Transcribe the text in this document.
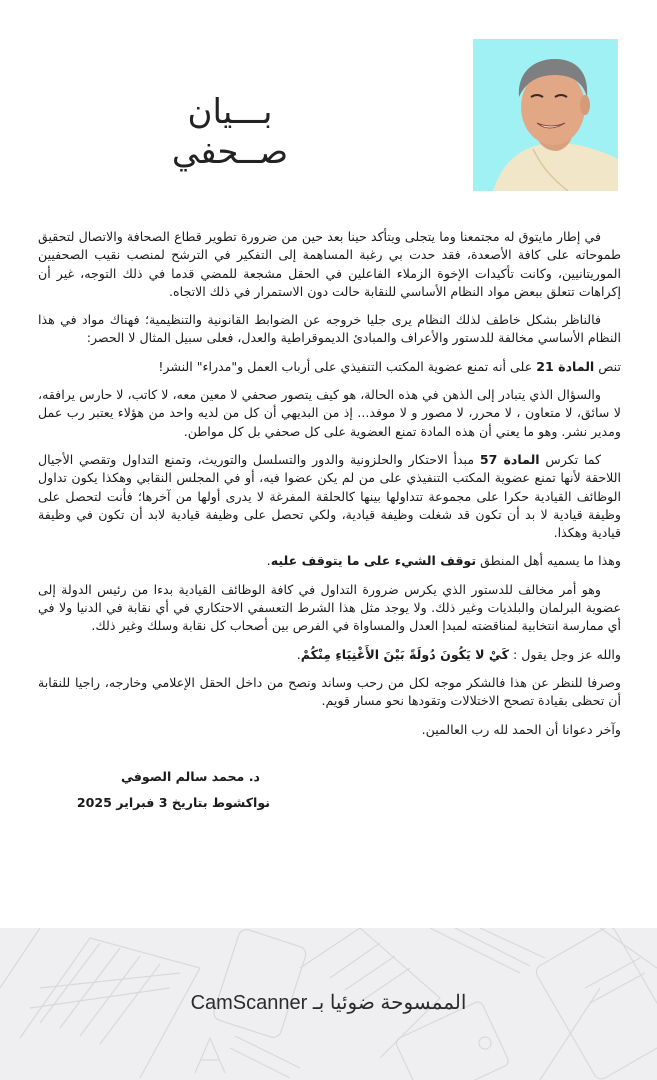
بـــيان صــحفي

في إطار مايتوق له مجتمعنا وما يتجلى ويتأكد حينا بعد حين من ضرورة تطوير قطاع الصحافة والاتصال لتحقيق طموحاته على كافة الأصعدة، فقد حدت بي رغبة المساهمة إلى التفكير في الترشح لمنصب نقيب الصحفيين الموريتانيين، وكانت تأكيدات الإخوة الزملاء الفاعلين في الحقل مشجعة للمضي قدما في ذلك التوجه، غير أن إكراهات تتعلق ببعض مواد النظام الأساسي للنقابة حالت دون الاستمرار في ذلك الاتجاه.

فالناظر بشكل خاطف لذلك النظام يرى جليا خروجه عن الضوابط القانونية والتنظيمية؛ فهناك مواد في هذا النظام الأساسي مخالفة للدستور والأعراف والمبادئ الديموقراطية والعدل، فعلى سبيل المثال لا الحصر:

تنص المادة 21 على أنه تمنع عضوية المكتب التنفيذي على أرباب العمل و"مدراء" النشر!

والسؤال الذي يتبادر إلى الذهن في هذه الحالة، هو كيف يتصور صحفي لا معين معه، لا كاتب، لا حارس يرافقه، لا سائق، لا متعاون ، لا محرر، لا مصور و لا موفد... إذ من البديهي أن كل من لديه واحد من هؤلاء يعتبر رب عمل ومدير نشر. وهو ما يعني أن هذه المادة تمنع العضوية على كل صحفي بل كل مواطن.

كما تكرس المادة 57 مبدأ الاحتكار والحلزونية والدور والتسلسل والتوريث، وتمنع التداول وتقصي الأجيال اللاحقة لأنها تمنع عضوية المكتب التنفيذي على من لم يكن عضوا فيه، أو في المجلس النقابي وهكذا يكون تداول الوظائف القيادية حكرا على مجموعة تتداولها بينها كالحلقة المفرغة لا يدرى أولها من آخرها؛ فأنت لتحصل على وظيفة قيادية لا بد أن تكون قد شغلت وظيفة قيادية، ولكي تحصل على وظيفة قيادية لابد أن تكون في وظيفة قيادية وهكذا.

وهذا ما يسميه أهل المنطق توقف الشيء على ما يتوقف عليه.

وهو أمر مخالف للدستور الذي يكرس ضرورة التداول في كافة الوظائف القيادية بدءا من رئيس الدولة إلى عضوية البرلمان والبلديات وغير ذلك. ولا يوجد مثل هذا الشرط التعسفي الاحتكاري في أي نقابة في الدنيا ولا في أي ممارسة انتخابية لمناقضته لمبدإ العدل والمساواة في الفرص بين أصحاب كل نقابة وسلك وغير ذلك.

والله عز وجل يقول : كَيْ لا يَكُونَ دُولَةً بَيْنَ الأَغْنِيَاءِ مِنْكُمْ.

وصرفا للنظر عن هذا فالشكر موجه لكل من رحب وساند ونصح من داخل الحقل الإعلامي وخارجه، راجيا للنقابة أن تحظى بقيادة تصحح الاختلالات وتقودها نحو مسار قويم.

وآخر دعوانا أن الحمد لله رب العالمين.

د. محمد سالم الصوفي
نواكشوط بتاريخ 3 فبراير 2025
الممسوحة ضوئيا بـ CamScanner
